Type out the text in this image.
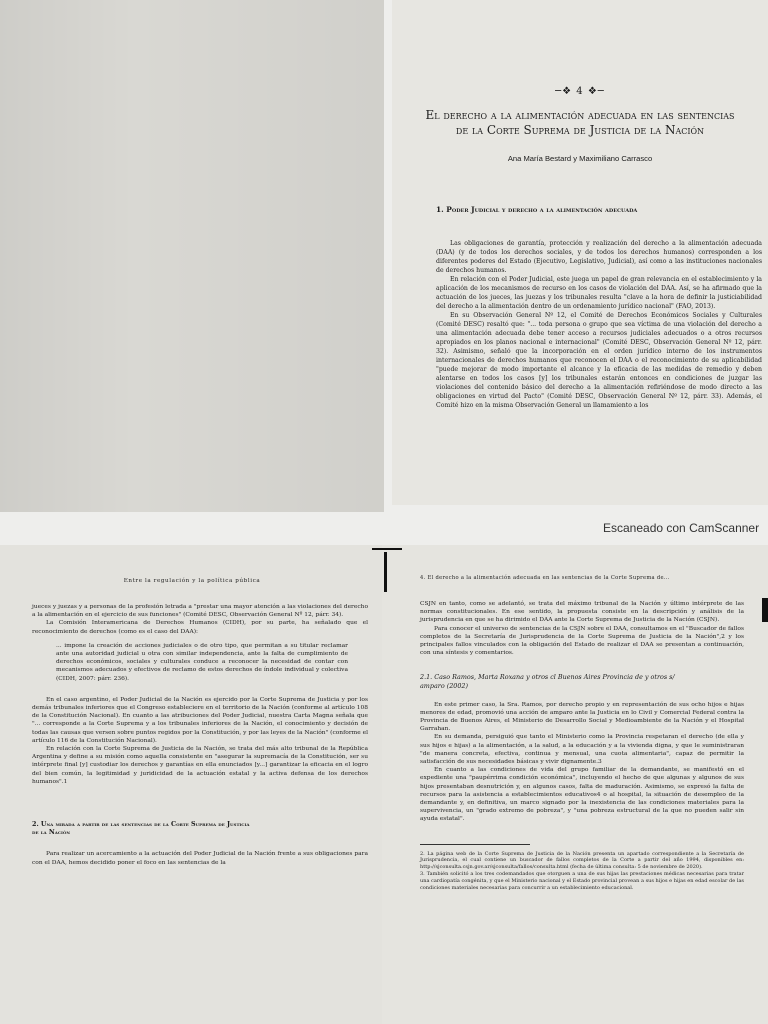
─❖ 4 ❖─
El derecho a la alimentación adecuada en las sentencias
de la Corte Suprema de Justicia de la Nación
Ana María Bestard y Maximiliano Carrasco
1. Poder Judicial y derecho a la alimentación adecuada

Las obligaciones de garantía, protección y realización del derecho a la alimentación adecuada (DAA) (y de todos los derechos sociales, y de todos los derechos humanos) corresponden a los diferentes poderes del Estado (Ejecutivo, Legislativo, Judicial), así como a las instituciones nacionales de derechos humanos.

En relación con el Poder Judicial, este juega un papel de gran relevancia en el establecimiento y la aplicación de los mecanismos de recurso en los casos de violación del DAA. Así, se ha afirmado que la actuación de los jueces, las juezas y los tribunales resulta "clave a la hora de definir la justiciabilidad del derecho a la alimentación dentro de un ordenamiento jurídico nacional" (FAO, 2013).

En su Observación General Nº 12, el Comité de Derechos Económicos Sociales y Culturales (Comité DESC) resaltó que: "... toda persona o grupo que sea víctima de una violación del derecho a una alimentación adecuada debe tener acceso a recursos judiciales adecuados o a otros recursos apropiados en los planos nacional e internacional" (Comité DESC, Observación General Nº 12, párr. 32). Asimismo, señaló que la incorporación en el orden jurídico interno de los instrumentos internacionales de derechos humanos que reconocen el DAA o el reconocimiento de su aplicabilidad "puede mejorar de modo importante el alcance y la eficacia de las medidas de remedio y deben alentarse en todos los casos [y] los tribunales estarán entonces en condiciones de juzgar las violaciones del contenido básico del derecho a la alimentación refiriéndose de modo directo a las obligaciones en virtud del Pacto" (Comité DESC, Observación General Nº 12, párr. 33). Además, el Comité hizo en la misma Observación General un llamamiento a los

Escaneado con CamScanner
Entre la regulación y la política pública

jueces y juezas y a personas de la profesión letrada a "prestar una mayor atención a las violaciones del derecho a la alimentación en el ejercicio de sus funciones" (Comité DESC, Observación General Nº 12, párr. 34).

La Comisión Interamericana de Derechos Humanos (CIDH), por su parte, ha señalado que el reconocimiento de derechos (como es el caso del DAA):

... impone la creación de acciones judiciales o de otro tipo, que permitan a su titular reclamar ante una autoridad judicial u otra con similar independencia, ante la falta de cumplimiento de derechos económicos, sociales y culturales conduce a reconocer la necesidad de contar con mecanismos adecuados y efectivos de reclamo de estos derechos de índole individual y colectiva (CIDH, 2007: párr. 236).

En el caso argentino, el Poder Judicial de la Nación es ejercido por la Corte Suprema de Justicia y por los demás tribunales inferiores que el Congreso estableciere en el territorio de la Nación (conforme al artículo 108 de la Constitución Nacional). En cuanto a las atribuciones del Poder Judicial, nuestra Carta Magna señala que "... corresponde a la Corte Suprema y a los tribunales inferiores de la Nación, el conocimiento y decisión de todas las causas que versen sobre puntos regidos por la Constitución, y por las leyes de la Nación" (conforme el artículo 116 de la Constitución Nacional).

En relación con la Corte Suprema de Justicia de la Nación, se trata del más alto tribunal de la República Argentina y define a su misión como aquella consistente en "asegurar la supremacía de la Constitución, ser su intérprete final [y] custodiar los derechos y garantías en ella enunciados [y...] garantizar la eficacia en el logro del bien común, la legitimidad y juridicidad de la actuación estatal y la activa defensa de los derechos humanos".1

2. Una mirada a partir de las sentencias de la Corte Suprema de Justicia
de la Nación

Para realizar un acercamiento a la actuación del Poder Judicial de la Nación frente a sus obligaciones para con el DAA, hemos decidido poner el foco en las sentencias de la

4. El derecho a la alimentación adecuada en las sentencias de la Corte Suprema de...

CSJN en tanto, como se adelantó, se trata del máximo tribunal de la Nación y último intérprete de las normas constitucionales. En ese sentido, la propuesta consiste en la descripción y análisis de la jurisprudencia en que se ha dirimido el DAA ante la Corte Suprema de Justicia de la Nación (CSJN).

Para conocer el universo de sentencias de la CSJN sobre el DAA, consultamos en el "Buscador de fallos completos de la Secretaría de Jurisprudencia de la Corte Suprema de Justicia de la Nación",2 y los principales fallos vinculados con la obligación del Estado de realizar el DAA se presentan a continuación, con una síntesis y comentarios.

2.1. Caso Ramos, Marta Roxana y otros cl Buenos Aires Provincia de y otros s/
amparo (2002)

En este primer caso, la Sra. Ramos, por derecho propio y en representación de sus ocho hijos e hijas menores de edad, promovió una acción de amparo ante la Justicia en lo Civil y Comercial Federal contra la Provincia de Buenos Aires, el Ministerio de Desarrollo Social y Medioambiente de la Nación y el Hospital Garrahan.

En su demanda, persiguió que tanto el Ministerio como la Provincia respetaran el derecho (de ella y sus hijos e hijas) a la alimentación, a la salud, a la educación y a la vivienda digna, y que le suministraran "de manera concreta, efectiva, continua y mensual, una cuota alimentaria", capaz de permitir la satisfacción de sus necesidades básicas y vivir dignamente.3

En cuanto a las condiciones de vida del grupo familiar de la demandante, se manifestó en el expediente una "paupérrima condición económica", incluyendo el hecho de que algunas y algunos de sus hijos presentaban desnutrición y, en algunos casos, falta de maduración. Asimismo, se expresó la falta de recursos para la asistencia a establecimientos educativos4 o al hospital, la situación de desempleo de la demandante y, en definitiva, un marco signado por la inexistencia de las condiciones materiales para la supervivencia, un "grado extremo de pobreza", y "una pobreza estructural de la que no pueden salir sin ayuda estatal".

2. La página web de la Corte Suprema de Justicia de la Nación presenta un apartado correspondiente a la Secretaría de Jurisprudencia, el cual contiene un buscador de fallos completos de la Corte a partir del año 1994, disponibles en: http://sjconsulta.csjn.gov.ar/sjconsulta/fallos/consulta.html (fecha de última consulta: 5 de noviembre de 2020).

3. También solicitó a los tres codemandados que otorguen a una de sus hijas las prestaciones médicas necesarias para tratar una cardiopatía congénita, y que el Ministerio nacional y el Estado provincial provean a sus hijos e hijas en edad escolar de las condiciones materiales necesarias para concurrir a un establecimiento educacional.
